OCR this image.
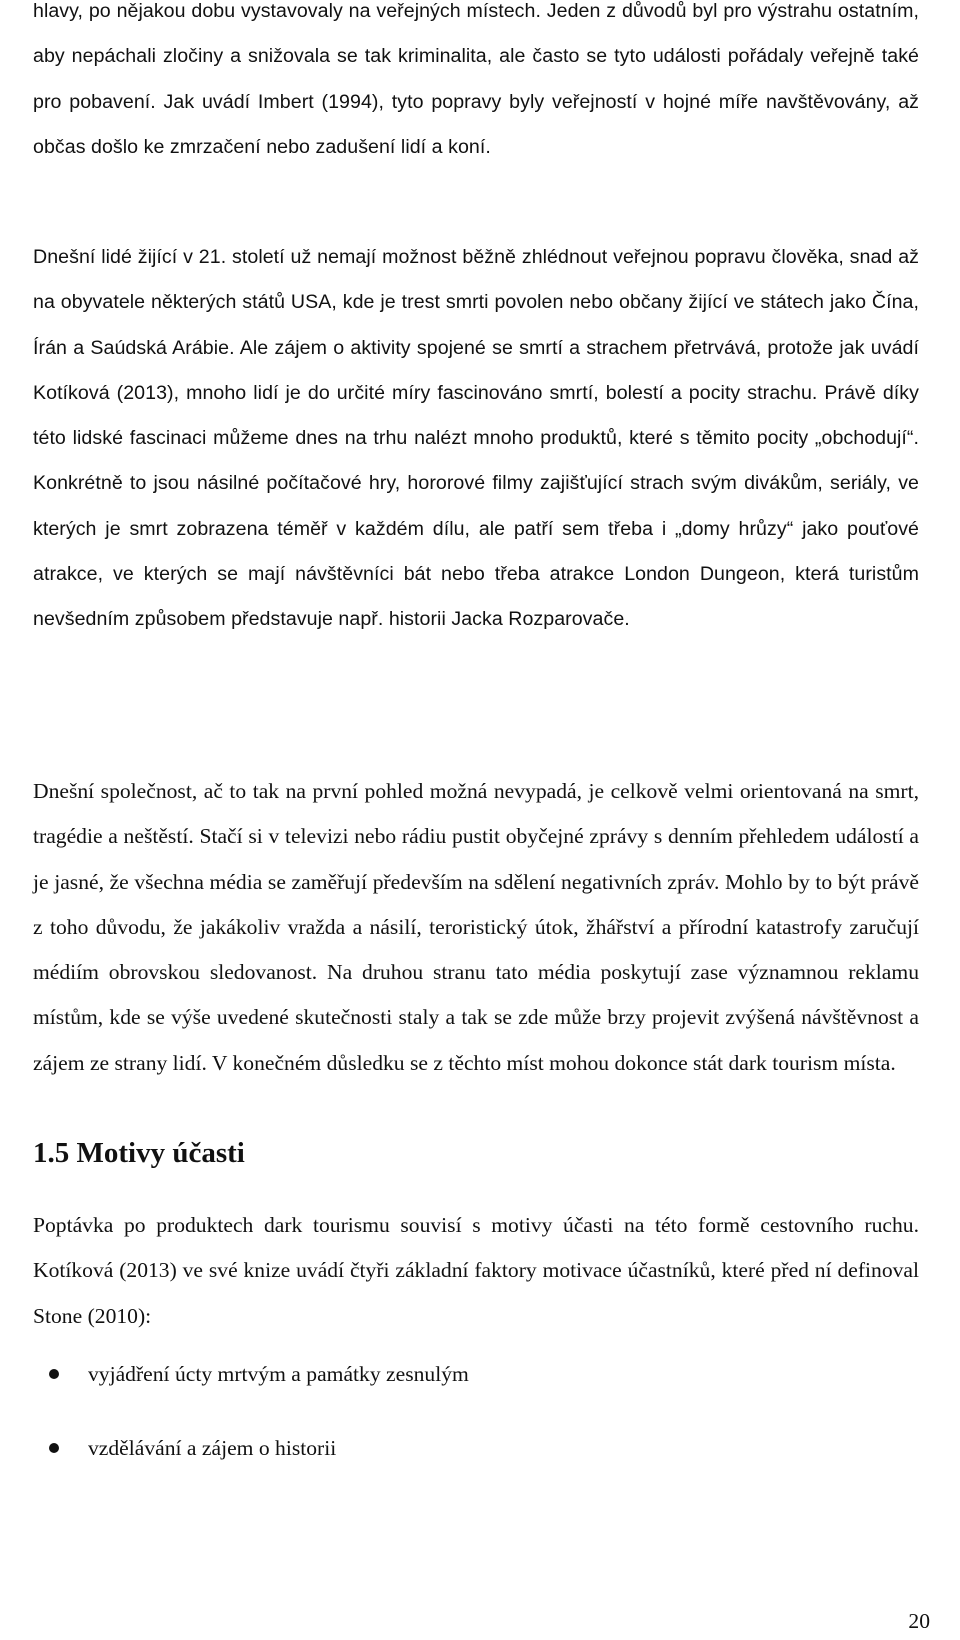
hlavy, po nějakou dobu vystavovaly na veřejných místech. Jeden z důvodů byl pro výstrahu ostatním, aby nepáchali zločiny a snižovala se tak kriminalita, ale často se tyto události pořádaly veřejně také pro pobavení. Jak uvádí Imbert (1994), tyto popravy byly veřejností v hojné míře navštěvovány, až občas došlo ke zmrzačení nebo zadušení lidí a koní.

Dnešní lidé žijící v 21. století už nemají možnost běžně zhlédnout veřejnou popravu člověka, snad až na obyvatele některých států USA, kde je trest smrti povolen nebo občany žijící ve státech jako Čína, Írán a Saúdská Arábie. Ale zájem o aktivity spojené se smrtí a strachem přetrvává, protože jak uvádí Kotíková (2013), mnoho lidí je do určité míry fascinováno smrtí, bolestí a pocity strachu. Právě díky této lidské fascinaci můžeme dnes na trhu nalézt mnoho produktů, které s těmito pocity „obchodují“. Konkrétně to jsou násilné počítačové hry, hororové filmy zajišťující strach svým divákům, seriály, ve kterých je smrt zobrazena téměř v každém dílu, ale patří sem třeba i „domy hrůzy“ jako pouťové atrakce, ve kterých se mají návštěvníci bát nebo třeba atrakce London Dungeon, která turistům nevšedním způsobem představuje např. historii Jacka Rozparovače.

Dnešní společnost, ač to tak na první pohled možná nevypadá, je celkově velmi orientovaná na smrt, tragédie a neštěstí. Stačí si v televizi nebo rádiu pustit obyčejné zprávy s denním přehledem událostí a je jasné, že všechna média se zaměřují především na sdělení negativních zpráv. Mohlo by to být právě z toho důvodu, že jakákoliv vražda a násilí, teroristický útok, žhářství a přírodní katastrofy zaručují médiím obrovskou sledovanost. Na druhou stranu tato média poskytují zase významnou reklamu místům, kde se výše uvedené skutečnosti staly a tak se zde může brzy projevit zvýšená návštěvnost a zájem ze strany lidí. V konečném důsledku se z těchto míst mohou dokonce stát dark tourism místa.

1.5 Motivy účasti

Poptávka po produktech dark tourismu souvisí s motivy účasti na této formě cestovního ruchu. Kotíková (2013) ve své knize uvádí čtyři základní faktory motivace účastníků, které před ní definoval Stone (2010):

vyjádření úcty mrtvým a památky zesnulým
vzdělávání a zájem o historii
20
